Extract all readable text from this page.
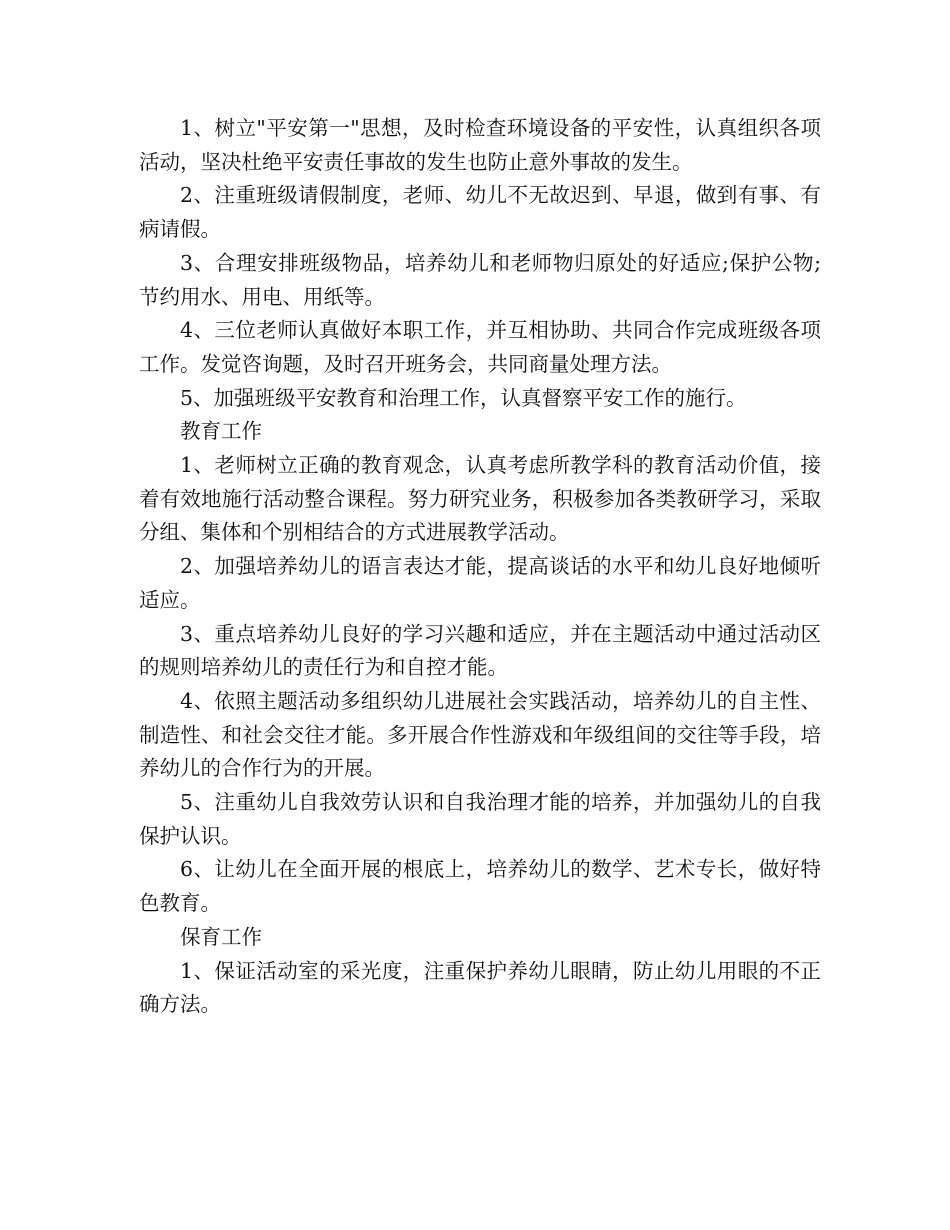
1、树立"平安第一"思想，及时检查环境设备的平安性，认真组织各项活动，坚决杜绝平安责任事故的发生也防止意外事故的发生。

2、注重班级请假制度，老师、幼儿不无故迟到、早退，做到有事、有病请假。

3、合理安排班级物品，培养幼儿和老师物归原处的好适应;保护公物;节约用水、用电、用纸等。

4、三位老师认真做好本职工作，并互相协助、共同合作完成班级各项工作。发觉咨询题，及时召开班务会，共同商量处理方法。

5、加强班级平安教育和治理工作，认真督察平安工作的施行。

教育工作

1、老师树立正确的教育观念，认真考虑所教学科的教育活动价值，接着有效地施行活动整合课程。努力研究业务，积极参加各类教研学习，采取分组、集体和个别相结合的方式进展教学活动。

2、加强培养幼儿的语言表达才能，提高谈话的水平和幼儿良好地倾听适应。

3、重点培养幼儿良好的学习兴趣和适应，并在主题活动中通过活动区的规则培养幼儿的责任行为和自控才能。

4、依照主题活动多组织幼儿进展社会实践活动，培养幼儿的自主性、制造性、和社会交往才能。多开展合作性游戏和年级组间的交往等手段，培养幼儿的合作行为的开展。

5、注重幼儿自我效劳认识和自我治理才能的培养，并加强幼儿的自我保护认识。

6、让幼儿在全面开展的根底上，培养幼儿的数学、艺术专长，做好特色教育。

保育工作

1、保证活动室的采光度，注重保护养幼儿眼睛，防止幼儿用眼的不正确方法。
